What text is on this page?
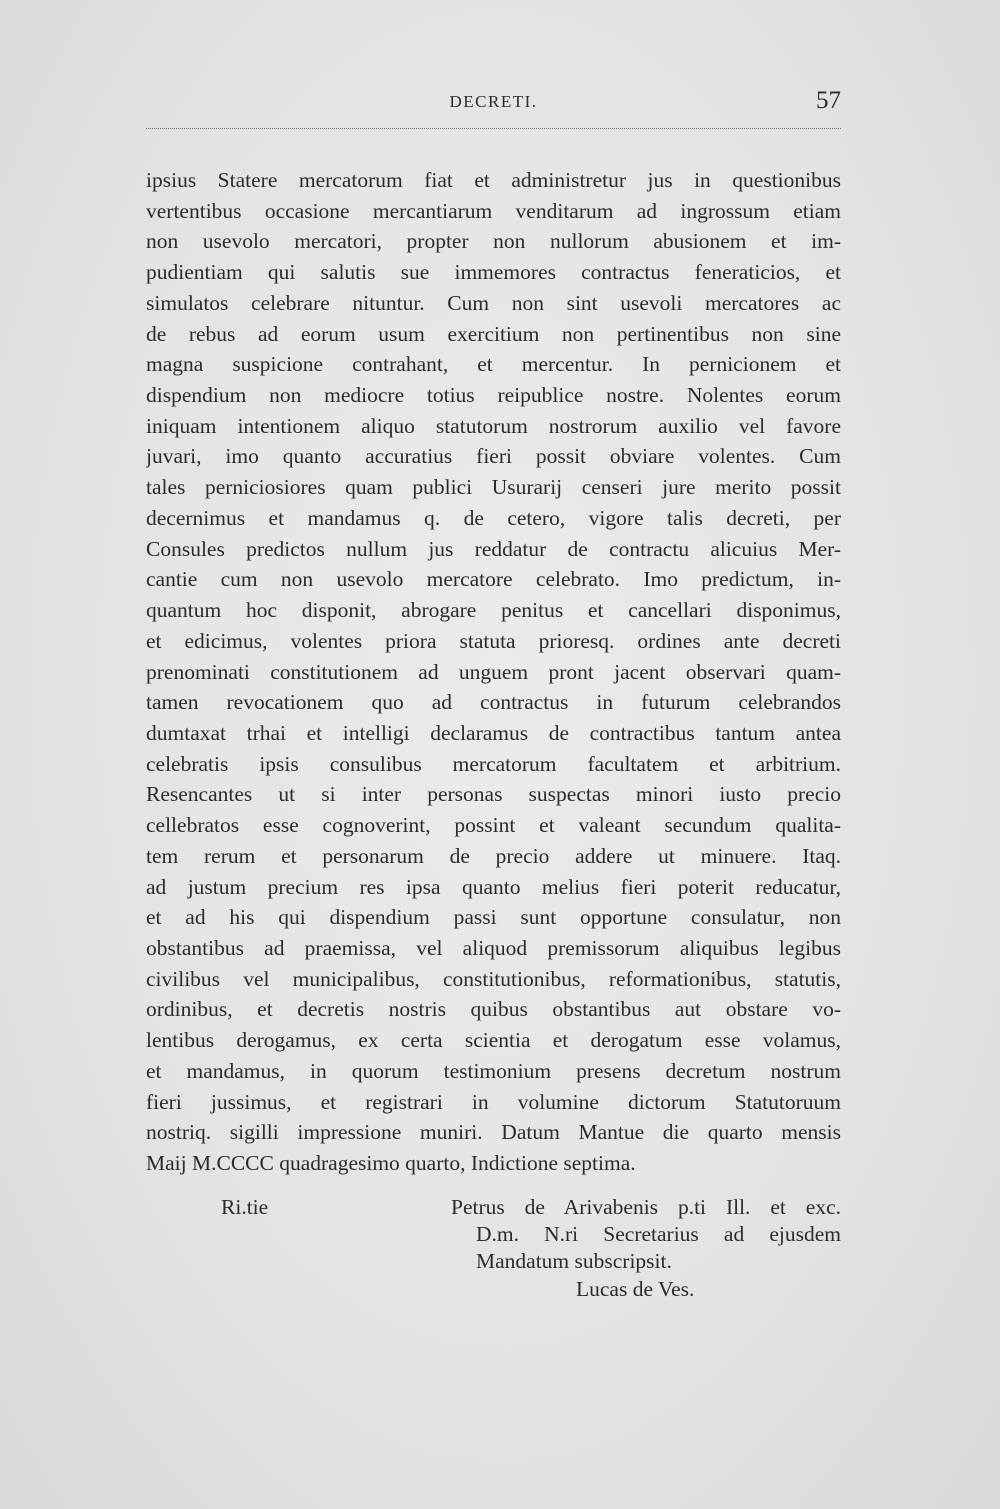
DECRETI.	57
ipsius Statere mercatorum fiat et administretur jus in questionibus
vertentibus occasione mercantiarum venditarum ad ingrossum etiam
non usevolo mercatori, propter non nullorum abusionem et im-
pudientiam qui salutis sue immemores contractus feneraticios, et
simulatos celebrare nituntur. Cum non sint usevoli mercatores ac
de rebus ad eorum usum exercitium non pertinentibus non sine
magna suspicione contrahant, et mercentur. In pernicionem et
dispendium non mediocre totius reipublice nostre. Nolentes eorum
iniquam intentionem aliquo statutorum nostrorum auxilio vel favore
juvari, imo quanto accuratius fieri possit obviare volentes. Cum
tales perniciosiores quam publici Usurarij censeri jure merito possit
decernimus et mandamus q. de cetero, vigore talis decreti, per
Consules predictos nullum jus reddatur de contractu alicuius Mer-
cantie cum non usevolo mercatore celebrato. Imo predictum, in-
quantum hoc disponit, abrogare penitus et cancellari disponimus,
et edicimus, volentes priora statuta prioresq. ordines ante decreti
prenominati constitutionem ad unguem pront jacent observari quam-
tamen revocationem quo ad contractus in futurum celebrandos
dumtaxat trhai et intelligi declaramus de contractibus tantum antea
celebratis ipsis consulibus mercatorum facultatem et arbitrium.
Resencantes ut si inter personas suspectas minori iusto precio
cellebratos esse cognoverint, possint et valeant secundum qualita-
tem rerum et personarum de precio addere ut minuere. Itaq.
ad justum precium res ipsa quanto melius fieri poterit reducatur,
et ad his qui dispendium passi sunt opportune consulatur, non
obstantibus ad praemissa, vel aliquod premissorum aliquibus legibus
civilibus vel municipalibus, constitutionibus, reformationibus, statutis,
ordinibus, et decretis nostris quibus obstantibus aut obstare vo-
lentibus derogamus, ex certa scientia et derogatum esse volamus,
et mandamus, in quorum testimonium presens decretum nostrum
fieri jussimus, et registrari in volumine dictorum Statutoruum
nostriq. sigilli impressione muniri. Datum Mantue die quarto mensis
Maij M.CCCC quadragesimo quarto, Indictione septima.
Ri.tie	Petrus de Arivabenis p.ti Ill. et exc.
D.m. N.ri Secretarius ad ejusdem
Mandatum subscripsit.
Lucas de Ves.
